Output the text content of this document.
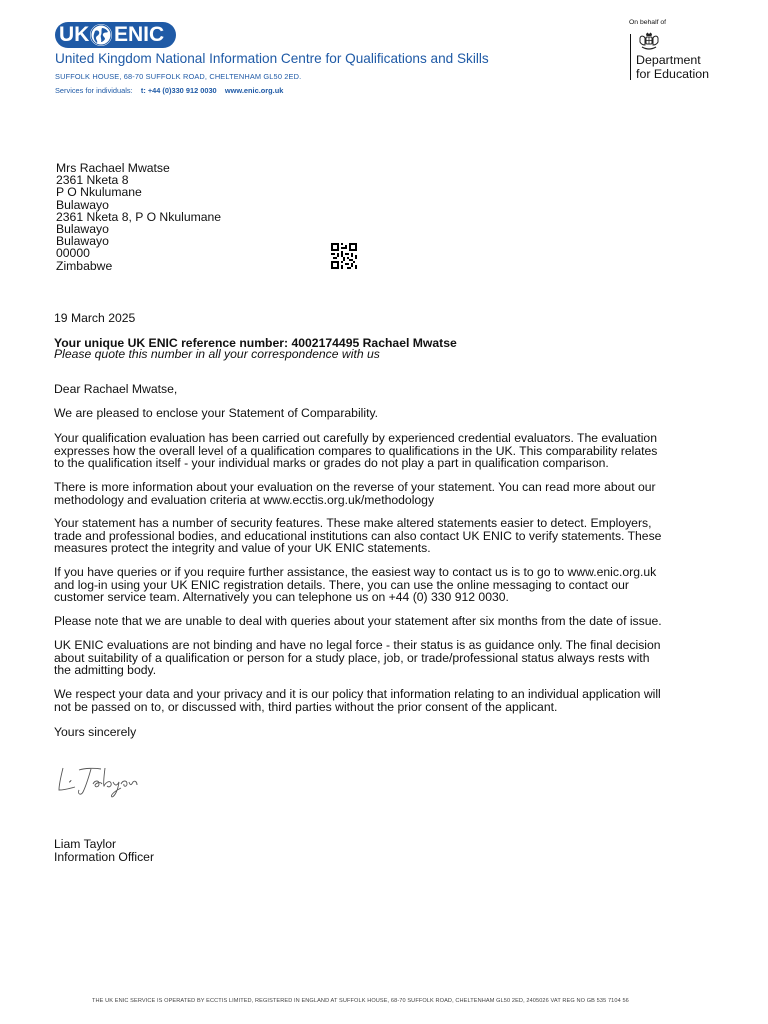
UK ENIC
United Kingdom National Information Centre for Qualifications and Skills
SUFFOLK HOUSE, 68-70 SUFFOLK ROAD, CHELTENHAM GL50 2ED.
Services for individuals: t: +44 (0)330 912 0030 www.enic.org.uk
On behalf of
Department
for Education
Mrs Rachael Mwatse
2361 Nketa 8
P O Nkulumane
Bulawayo
2361 Nketa 8, P O Nkulumane
Bulawayo
Bulawayo
00000
Zimbabwe
19 March 2025
Your unique UK ENIC reference number: 4002174495 Rachael Mwatse
Please quote this number in all your correspondence with us
Dear Rachael Mwatse,
We are pleased to enclose your Statement of Comparability.
Your qualification evaluation has been carried out carefully by experienced credential evaluators. The evaluation
expresses how the overall level of a qualification compares to qualifications in the UK. This comparability relates
to the qualification itself - your individual marks or grades do not play a part in qualification comparison.
There is more information about your evaluation on the reverse of your statement. You can read more about our
methodology and evaluation criteria at www.ecctis.org.uk/methodology
Your statement has a number of security features. These make altered statements easier to detect. Employers,
trade and professional bodies, and educational institutions can also contact UK ENIC to verify statements. These
measures protect the integrity and value of your UK ENIC statements.
If you have queries or if you require further assistance, the easiest way to contact us is to go to www.enic.org.uk
and log-in using your UK ENIC registration details. There, you can use the online messaging to contact our
customer service team. Alternatively you can telephone us on +44 (0) 330 912 0030.
Please note that we are unable to deal with queries about your statement after six months from the date of issue.
UK ENIC evaluations are not binding and have no legal force - their status is as guidance only. The final decision
about suitability of a qualification or person for a study place, job, or trade/professional status always rests with
the admitting body.
We respect your data and your privacy and it is our policy that information relating to an individual application will
not be passed on to, or discussed with, third parties without the prior consent of the applicant.
Yours sincerely
Liam Taylor
Information Officer
THE UK ENIC SERVICE IS OPERATED BY ECCTIS LIMITED, REGISTERED IN ENGLAND AT SUFFOLK HOUSE, 68-70 SUFFOLK ROAD, CHELTENHAM GL50 2ED, 2405026 VAT REG NO GB 535 7104 56
